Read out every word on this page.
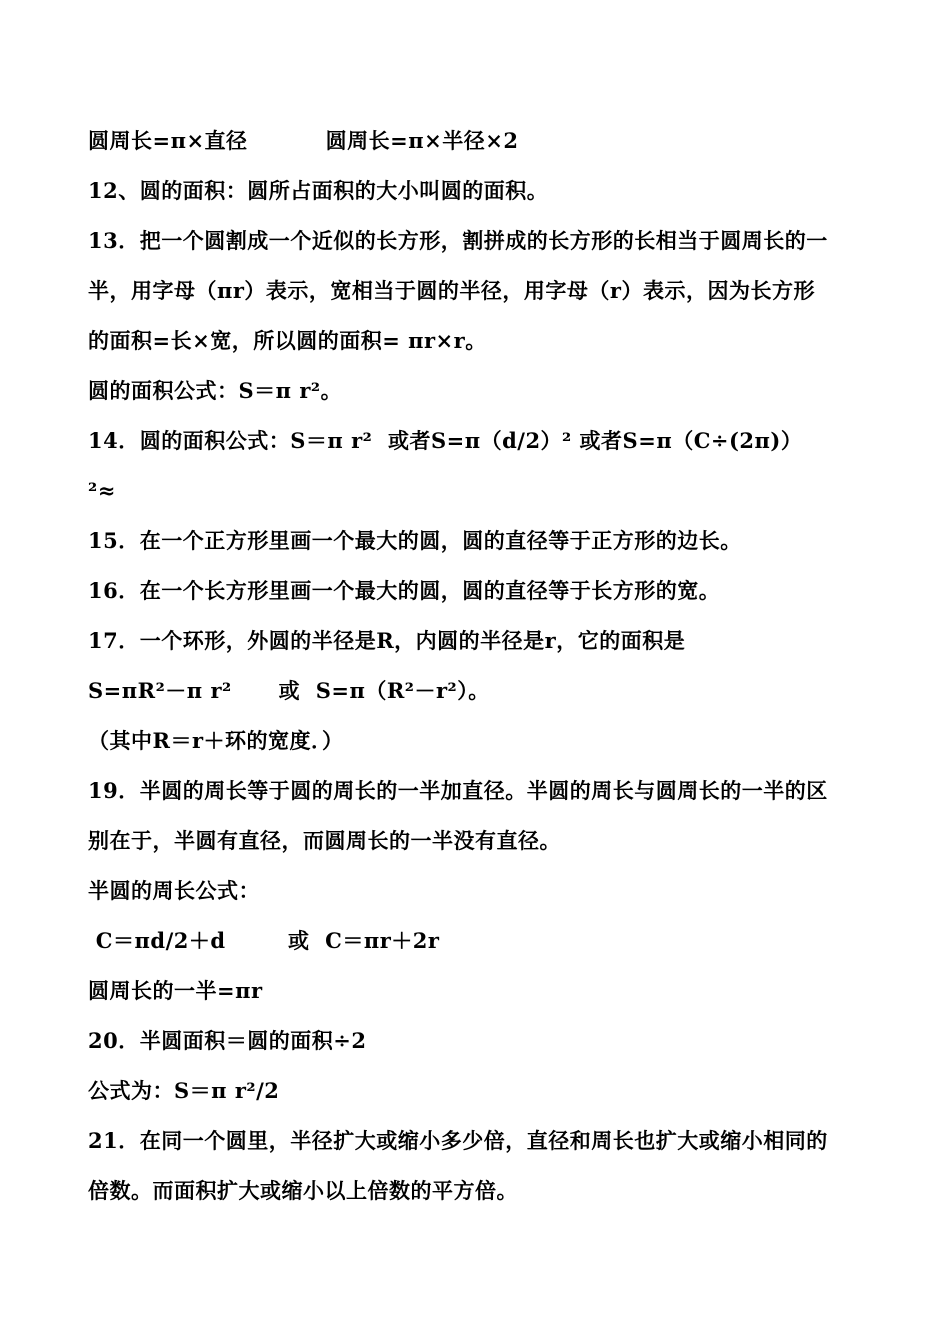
圆周长=π×直径          圆周长=π×半径×2
12、圆的面积：圆所占面积的大小叫圆的面积。
13．把一个圆割成一个近似的长方形，割拼成的长方形的长相当于圆周长的一
半，用字母（πr）表示，宽相当于圆的半径，用字母（r）表示，因为长方形
的面积=长×宽，所以圆的面积= πr×r。
圆的面积公式：S＝π r²。
14．圆的面积公式：S＝π r²  或者S=π（d/2）² 或者S=π（C÷(2π)）
²≈
15．在一个正方形里画一个最大的圆，圆的直径等于正方形的边长。
16．在一个长方形里画一个最大的圆，圆的直径等于长方形的宽。
17．一个环形，外圆的半径是R，内圆的半径是r，它的面积是
S=πR²－π r²      或  S=π（R²－r²）。
（其中R＝r＋环的宽度．）
19．半圆的周长等于圆的周长的一半加直径。半圆的周长与圆周长的一半的区
别在于，半圆有直径，而圆周长的一半没有直径。
半圆的周长公式：
C＝πd/2＋d        或  C＝πr＋2r
圆周长的一半=πr
20．半圆面积＝圆的面积÷2
公式为：S＝π r²/2
21．在同一个圆里，半径扩大或缩小多少倍，直径和周长也扩大或缩小相同的
倍数。而面积扩大或缩小以上倍数的平方倍。
